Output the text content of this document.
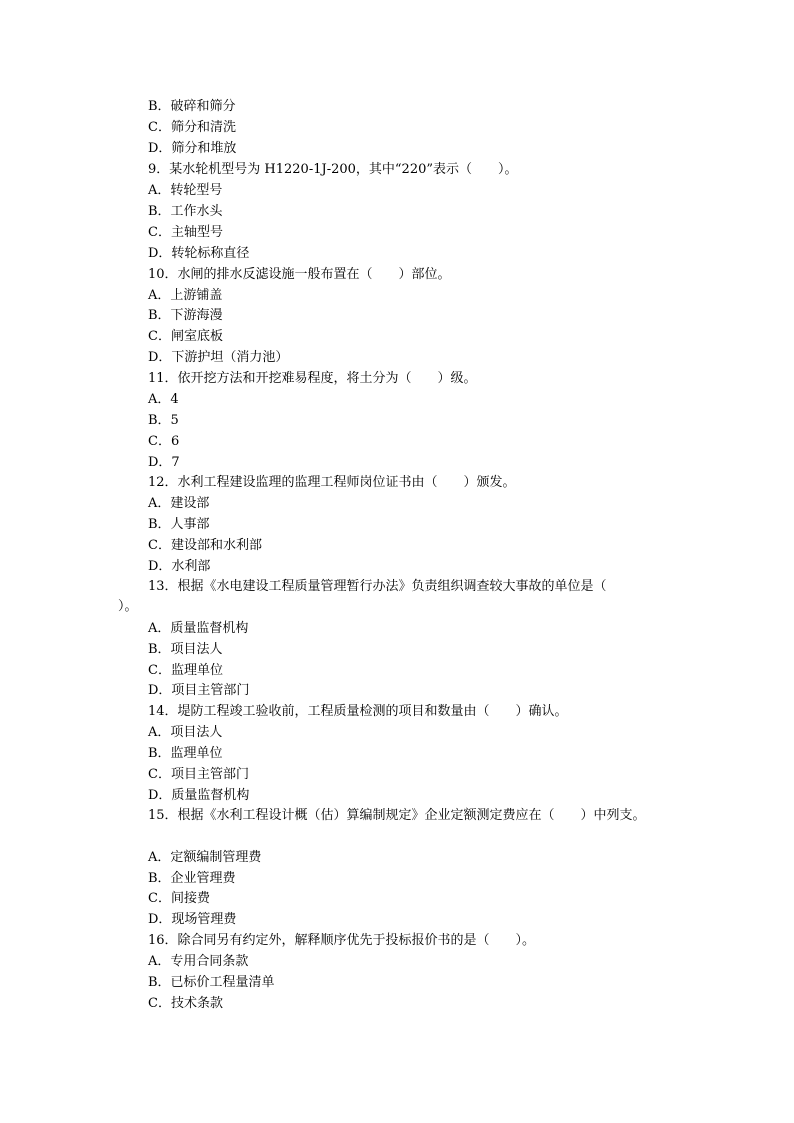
B．破碎和筛分
C．筛分和清洗
D．筛分和堆放
9．某水轮机型号为 H1220-1J-200，其中“220”表示（　　）。
A．转轮型号
B．工作水头
C．主轴型号
D．转轮标称直径
10．水闸的排水反滤设施一般布置在（　　）部位。
A．上游铺盖
B．下游海漫
C．闸室底板
D．下游护坦（消力池）
11．依开挖方法和开挖难易程度，将土分为（　　）级。
A．4
B．5
C．6
D．7
12．水利工程建设监理的监理工程师岗位证书由（　　）颁发。
A．建设部
B．人事部
C．建设部和水利部
D．水利部
13．根据《水电建设工程质量管理暂行办法》负责组织调查较大事故的单位是（
）。
A．质量监督机构
B．项目法人
C．监理单位
D．项目主管部门
14．堤防工程竣工验收前，工程质量检测的项目和数量由（　　）确认。
A．项目法人
B．监理单位
C．项目主管部门
D．质量监督机构
15．根据《水利工程设计概（估）算编制规定》企业定额测定费应在（　　）中列支。
A．定额编制管理费
B．企业管理费
C．间接费
D．现场管理费
16．除合同另有约定外，解释顺序优先于投标报价书的是（　　）。
A．专用合同条款
B．已标价工程量清单
C．技术条款
